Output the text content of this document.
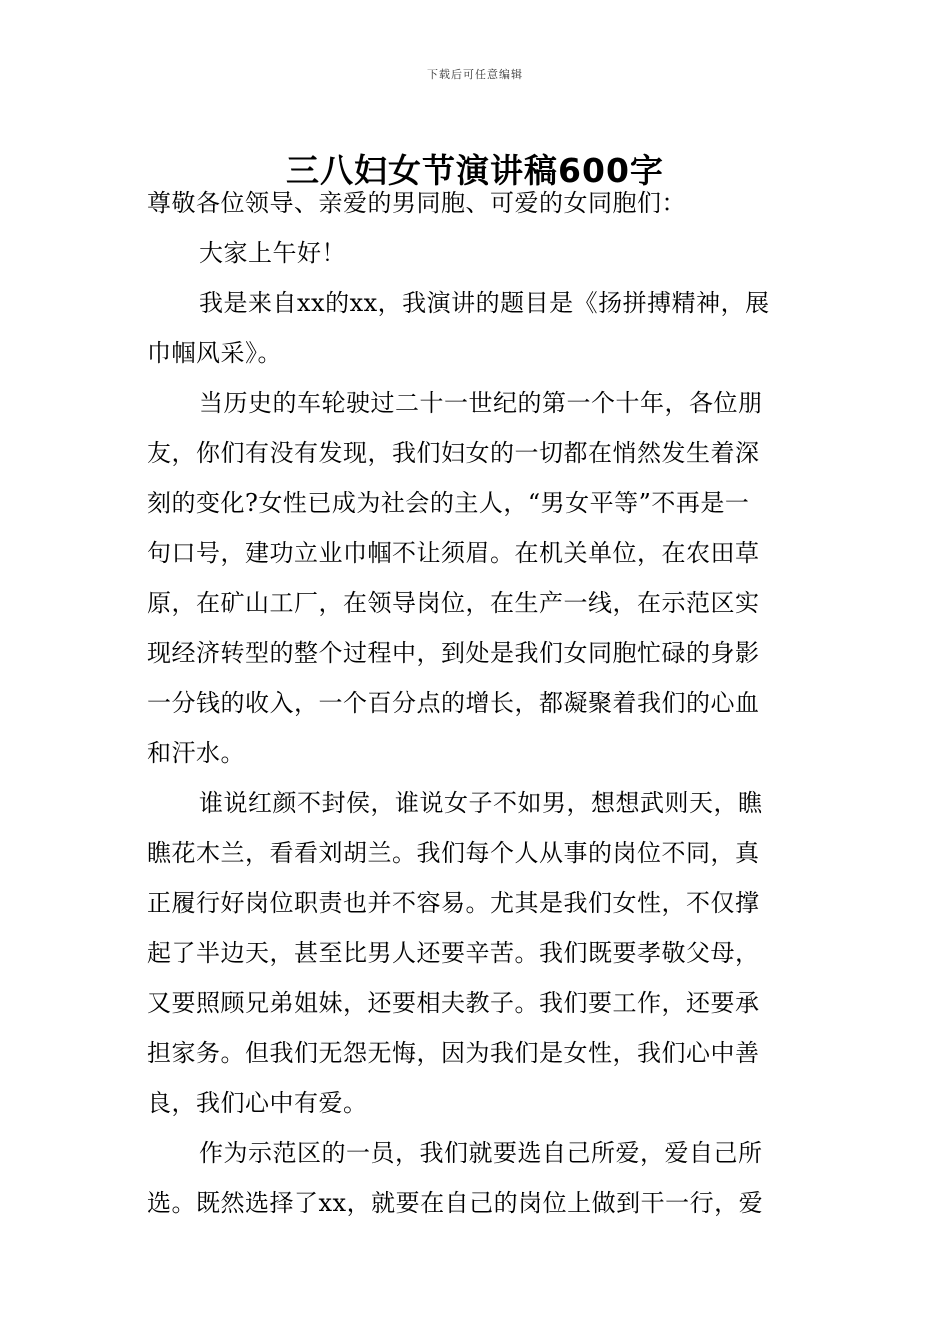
下载后可任意编辑
三八妇女节演讲稿600字

尊敬各位领导、亲爱的男同胞、可爱的女同胞们：

大家上午好！

我是来自xx的xx，我演讲的题目是《扬拼搏精神，展
巾帼风采》。

当历史的车轮驶过二十一世纪的第一个十年，各位朋
友，你们有没有发现，我们妇女的一切都在悄然发生着深
刻的变化?女性已成为社会的主人，“男女平等”不再是一
句口号，建功立业巾帼不让须眉。在机关单位，在农田草
原，在矿山工厂，在领导岗位，在生产一线，在示范区实
现经济转型的整个过程中，到处是我们女同胞忙碌的身影
一分钱的收入，一个百分点的增长，都凝聚着我们的心血
和汗水。

谁说红颜不封侯，谁说女子不如男，想想武则天，瞧
瞧花木兰，看看刘胡兰。我们每个人从事的岗位不同，真
正履行好岗位职责也并不容易。尤其是我们女性，不仅撑
起了半边天，甚至比男人还要辛苦。我们既要孝敬父母，
又要照顾兄弟姐妹，还要相夫教子。我们要工作，还要承
担家务。但我们无怨无悔，因为我们是女性，我们心中善
良，我们心中有爱。

作为示范区的一员，我们就要选自己所爱，爱自己所
选。既然选择了xx，就要在自己的岗位上做到干一行，爱
